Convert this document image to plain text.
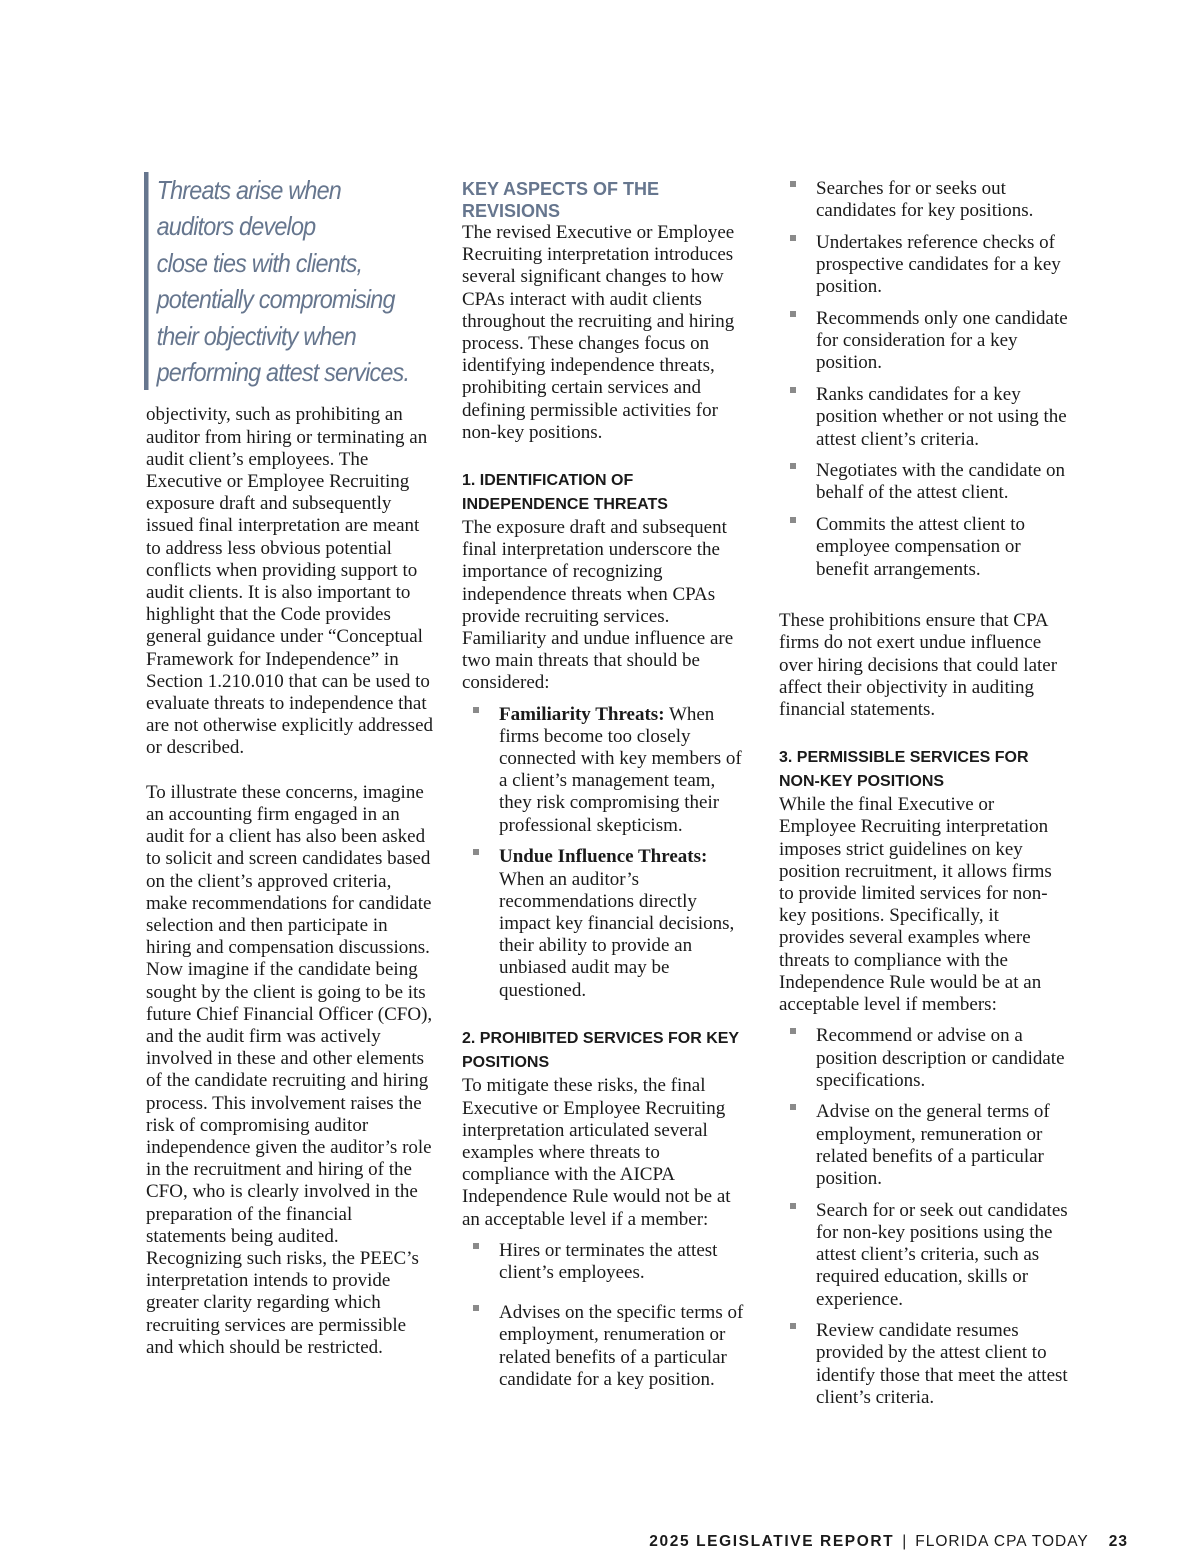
Threats arise when
auditors develop
close ties with clients,
potentially compromising
their objectivity when
performing attest services.

objectivity, such as prohibiting an auditor from hiring or terminating an audit client’s employees. The Executive or Employee Recruiting exposure draft and subsequently issued final interpretation are meant to address less obvious potential conflicts when providing support to audit clients. It is also important to highlight that the Code provides general guidance under “Conceptual Framework for Independence” in Section 1.210.010 that can be used to evaluate threats to independence that are not otherwise explicitly addressed or described.

To illustrate these concerns, imagine an accounting firm engaged in an audit for a client has also been asked to solicit and screen candidates based on the client’s approved criteria, make recommendations for candidate selection and then participate in hiring and compensation discussions. Now imagine if the candidate being sought by the client is going to be its future Chief Financial Officer (CFO), and the audit firm was actively involved in these and other elements of the candidate recruiting and hiring process. This involvement raises the risk of compromising auditor independence given the auditor’s role in the recruitment and hiring of the CFO, who is clearly involved in the preparation of the financial statements being audited. Recognizing such risks, the PEEC’s interpretation intends to provide greater clarity regarding which recruiting services are permissible and which should be restricted.

KEY ASPECTS OF THE REVISIONS

The revised Executive or Employee Recruiting interpretation introduces several significant changes to how CPAs interact with audit clients throughout the recruiting and hiring process. These changes focus on identifying independence threats, prohibiting certain services and defining permissible activities for non-key positions.

1. IDENTIFICATION OF INDEPENDENCE THREATS

The exposure draft and subsequent final interpretation underscore the importance of recognizing independence threats when CPAs provide recruiting services. Familiarity and undue influence are two main threats that should be considered:

Familiarity Threats: When firms become too closely connected with key members of a client’s management team, they risk compromising their professional skepticism.
Undue Influence Threats: When an auditor’s recommendations directly impact key financial decisions, their ability to provide an unbiased audit may be questioned.
2. PROHIBITED SERVICES FOR KEY POSITIONS

To mitigate these risks, the final Executive or Employee Recruiting interpretation articulated several examples where threats to compliance with the AICPA Independence Rule would not be at an acceptable level if a member:

Hires or terminates the attest client’s employees.
Advises on the specific terms of employment, renumeration or related benefits of a particular candidate for a key position.
Searches for or seeks out candidates for key positions.
Undertakes reference checks of prospective candidates for a key position.
Recommends only one candidate for consideration for a key position.
Ranks candidates for a key position whether or not using the attest client’s criteria.
Negotiates with the candidate on behalf of the attest client.
Commits the attest client to employee compensation or benefit arrangements.

These prohibitions ensure that CPA firms do not exert undue influence over hiring decisions that could later affect their objectivity in auditing financial statements.

3. PERMISSIBLE SERVICES FOR NON-KEY POSITIONS

While the final Executive or Employee Recruiting interpretation imposes strict guidelines on key position recruitment, it allows firms to provide limited services for non-key positions. Specifically, it provides several examples where threats to compliance with the Independence Rule would be at an acceptable level if members:

Recommend or advise on a position description or candidate specifications.
Advise on the general terms of employment, remuneration or related benefits of a particular position.
Search for or seek out candidates for non-key positions using the attest client’s criteria, such as required education, skills or experience.
Review candidate resumes provided by the attest client to identify those that meet the attest client’s criteria.
2025 LEGISLATIVE REPORT | FLORIDA CPA TODAY 23
